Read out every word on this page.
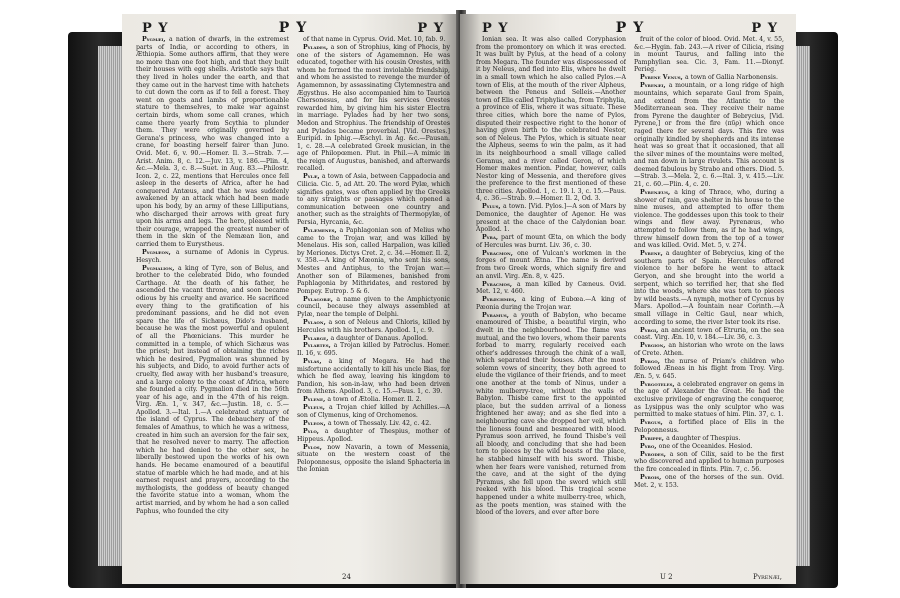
P Y	P Y	P Y

Pygmæi, a nation of dwarfs, in the extremest parts of India, or according to others, in Æthiopia. Some authors affirm, that they were no more than one foot high, and that they built their houses with egg shells. Aristotle says that they lived in holes under the earth, and that they came out in the harvest time with hatchets to cut down the corn as if to fell a forest. They went on goats and lambs of proportionable stature to themselves, to make war against certain birds, whom some call cranes, which came there yearly from Scythia to plunder them. They were originally governed by Gerana's princess, who was changed into a crane, for boasting herself fairer than Juno. Ovid. Met. 6, v. 90.—Homer. Il. 3.—Strab. 7.—Arist. Anim. 8, c. 12.—Juv. 13, v. 186.—Plin. 4, &c.—Mela. 3, c. 8.—Suet. in Aug. 83.—Philostr. Icon. 2, c. 22, mentions that Hercules once fell asleep in the deserts of Africa, after he had conquered Antæus, and that he was suddenly awakened by an attack which had been made upon his body, by an army of these Lilliputians, who discharged their arrows with great fury upon his arms and legs. The hero, pleased with their courage, wrapped the greatest number of them in the skin of the Nemæan lion, and carried them to Eurystheus.

Pygmæon, a surname of Adonis in Cyprus. Hesych.

Pygmalion, a king of Tyre, son of Belus, and brother to the celebrated Dido, who founded Carthage. At the death of his father, he ascended the vacant throne, and soon became odious by his cruelty and avarice. He sacrificed every thing to the gratification of his predominant passions, and he did not even spare the life of Sichæus, Dido's husband, because he was the most powerful and opulent of all the Phœnicians. This murder he committed in a temple, of which Sichæus was the priest; but instead of obtaining the riches which he desired, Pygmalion was shunned by his subjects, and Dido, to avoid further acts of cruelty, fled away with her husband's treasure, and a large colony to the coast of Africa, where she founded a city. Pygmalion died in the 56th year of his age, and in the 47th of his reign. Virg. Æn. 1, v. 347, &c.—Justin. 18, c. 5.—Apollod. 3.—Ital. 1.—A celebrated statuary of the island of Cyprus. The debauchery of the females of Amathus, to which he was a witness, created in him such an aversion for the fair sex, that he resolved never to marry. The affection which he had denied to the other sex, he liberally bestowed upon the works of his own hands. He became enamoured of a beautiful statue of marble which he had made, and at his earnest request and prayers, according to the mythologists, the goddess of beauty changed the favorite statue into a woman, whom the artist married, and by whom he had a son called Paphus, who founded the city

of that name in Cyprus. Ovid. Met. 10, fab. 9.

Pylades, a son of Strophius, king of Phocis, by one of the sisters of Agamemnon. He was educated, together with his cousin Orestes, with whom he formed the most inviolable friendship, and whom he assisted to revenge the murder of Agamemnon, by assassinating Clytemnestra and Ægysthus. He also accompanied him to Taurica Chersonesus, and for his services Orestes rewarded him, by giving him his sister Electra in marriage. Pylades had by her two sons, Medon and Strophius. The friendship of Orestes and Pylades became proverbial. [Vid. Orestes.] Euripid. in Iphig.—Æschyl. in Ag. &c.—Pausan. 1, c. 28.—A celebrated Greek musician, in the age of Philopœmen. Plut. in Phil.—A mimic in the reign of Augustus, banished, and afterwards recalled.

Pylæ, a town of Asia, between Cappadocia and Cilicia. Cic. 5, ad Att. 20. The word Pylæ, which signifies gates, was often applied by the Greeks to any straights or passages which opened a communication between one country and another, such as the straights of Thermopylæ, of Persia, Hyrcania, &c.

Pylæmenes, a Paphlagonian son of Melius who came to the Trojan war, and was killed by Menelaus. His son, called Harpalion, was killed by Meriones. Dictys Cret. 2, c. 34.—Homer. Il. 2, v. 358.—A king of Mæonia, who sent his sons, Mestes and Antiphus, to the Trojan war.—Another son of Bilæmenes, banished from Paphlagonia by Mithridates, and restored by Pompey. Eutrop. 5 & 6.

Pylagoræ, a name given to the Amphictyonic council, because they always assembled at Pylæ, near the temple of Delphi.

Pylaon, a son of Neleus and Chloris, killed by Hercules with his brothers. Apollod. 1, c. 9.

Pylarge, a daughter of Danaus. Apollod.

Pylartes, a Trojan killed by Patroclus. Homer. Il. 16, v. 695.

Pylas, a king of Megara. He had the misfortune accidentally to kill his uncle Bias, for which he fled away, leaving his kingdom to Pandion, his son-in-law, who had been driven from Athens. Apollod. 3, c. 15.—Paus. 1, c. 39.

Pylene, a town of Ætolia. Homer. Il. 2.

Pyleus, a Trojan chief killed by Achilles.—A son of Clymenus, king of Orchomenos.

Pyleon, a town of Thessaly. Liv. 42, c. 42.

Pylo, a daughter of Thespius, mother of Hippeus. Apollod.

Pylos, now Navarin, a town of Messenia, situate on the western coast of the Peloponnesus, opposite the island Sphacteria in the Ionian

24
P Y	P Y	P Y

Ionian sea. It was also called Coryphasion from the promontory on which it was erected. It was built by Pylus, at the head of a colony from Megara. The founder was dispossessed of it by Neleus, and fled into Elis, where he dwelt in a small town which he also called Pylos.—A town of Elis, at the mouth of the river Alpheus, between the Peneus and Selleis.—Another town of Elis called Triphyliacha, from Triphylia, a province of Elis, where it was situate. These three cities, which bore the name of Pylos, disputed their respective right to the honor of having given birth to the celebrated Nestor, son of Neleus. The Pylos, which is situate near the Alpheus, seems to win the palm, as it had in its neighbourhood a small village called Geranus, and a river called Geron, of which Homer makes mention. Pindar, however, calls Nestor king of Messenia, and therefore gives the preference to the first mentioned of these three cities. Apollod. 1, c. 19. l. 3, c. 15.—Paus. 4, c. 36.—Strab. 9.—Homer. Il. 2, Od. 3.

Pylus, a town. [Vid. Pylos.]—A son of Mars by Demonice, the daughter of Agenor. He was present at the chace of the Calydonian boar. Apollod. 1.

Pyra, part of mount Œta, on which the body of Hercules was burnt. Liv. 36, c. 30.

Pyracmon, one of Vulcan's workmen in the forges of mount Ætna. The name is derived from two Greek words, which signify fire and an anvil. Virg. Æn. 8, v. 425.

Pyracmos, a man killed by Cæneus. Ovid. Met. 12, v. 460.

Pyræchmes, a king of Eubœa.—A king of Pæonia during the Trojan war.

Pyramus, a youth of Babylon, who became enamoured of Thisbe, a beautiful virgin, who dwelt in the neighbourhood. The flame was mutual, and the two lovers, whom their parents forbad to marry, regularly received each other's addresses through the chink of a wall, which separated their houses. After the most solemn vows of sincerity, they both agreed to elude the vigilance of their friends, and to meet one another at the tomb of Ninus, under a white mulberry-tree, without the walls of Babylon. Thisbe came first to the appointed place, but the sudden arrival of a lioness frightened her away; and as she fled into a neighbouring cave she dropped her veil, which the lioness found and besmeared with blood. Pyramus soon arrived, he found Thisbe's veil all bloody, and concluding that she had been torn to pieces by the wild beasts of the place, he stabbed himself with his sword. Thisbe, when her fears were vanished, returned from the cave, and at the sight of the dying Pyramus, she fell upon the sword which still reeked with his blood. This tragical scene happened under a white mulberry-tree, which, as the poets mention, was stained with the blood of the lovers, and ever after bore

fruit of the color of blood. Ovid. Met. 4, v. 55, &c.—Hygin. fab. 243.—A river of Cilicia, rising in mount Taurus, and falling into the Pamphylian sea. Cic. 3, Fam. 11.—Dionyf. Perieg.

Pyrene Venus, a town of Gallia Narbonensis.

Pyrenæi, a mountain, or a long ridge of high mountains, which separate Gaul from Spain, and extend from the Atlantic to the Mediterranean sea. They receive their name from Pyrene the daughter of Bebrycius, [Vid. Pyrene,] or from the fire (πῦρ) which once raged there for several days. This fire was originally kindled by shepherds and its intense heat was so great that it occasioned, that all the silver mines of the mountains were melted, and ran down in large rivulets. This account is deemed fabulous by Strabo and others. Diod. 5.—Strab. 3.—Mela. 2, c. 6.—Ital. 3, v. 415.—Liv. 21, c. 60.—Plin. 4, c. 20.

Pyrenæus, a king of Thrace, who, during a shower of rain, gave shelter in his house to the nine muses, and attempted to offer them violence. The goddesses upon this took to their wings and flew away. Pyrenæus, who attempted to follow them, as if he had wings, threw himself down from the top of a tower and was killed. Ovid. Met. 5, v. 274.

Pyrene, a daughter of Bebrycius, king of the southern parts of Spain. Hercules offered violence to her before he went to attack Geryon, and she brought into the world a serpent, which so terrified her, that she fled into the woods, where she was torn to pieces by wild beasts.—A nymph, mother of Cycnus by Mars. Apollod.—A fountain near Corinth.—A small village in Celtic Gaul, near which, according to some, the river Ister took its rise.

Pyrgi, an ancient town of Etruria, on the sea coast. Virg. Æn. 10, v. 184.—Liv. 36, c. 3.

Pyrgion, an historian who wrote on the laws of Crete. Athen.

Pyrgo, the nurse of Priam's children who followed Æneas in his flight from Troy. Virg. Æn. 5, v. 645.

Pyrgoteles, a celebrated engraver on gems in the age of Alexander the Great. He had the exclusive privilege of engraving the conqueror, as Lysippus was the only sculptor who was permitted to make statues of him. Plin. 37, c. 1.

Pyrgus, a fortified place of Elis in the Peloponnesus.

Pyrippe, a daughter of Thespius.

Pyro, one of the Oceanides. Hesiod.

Pyrodes, a son of Cilix, said to be the first who discovered and applied to human purposes the fire concealed in flints. Plin. 7, c. 56.

Pyrois, one of the horses of the sun. Ovid. Met. 2, v. 153.

U 2	Pyrenæi,
